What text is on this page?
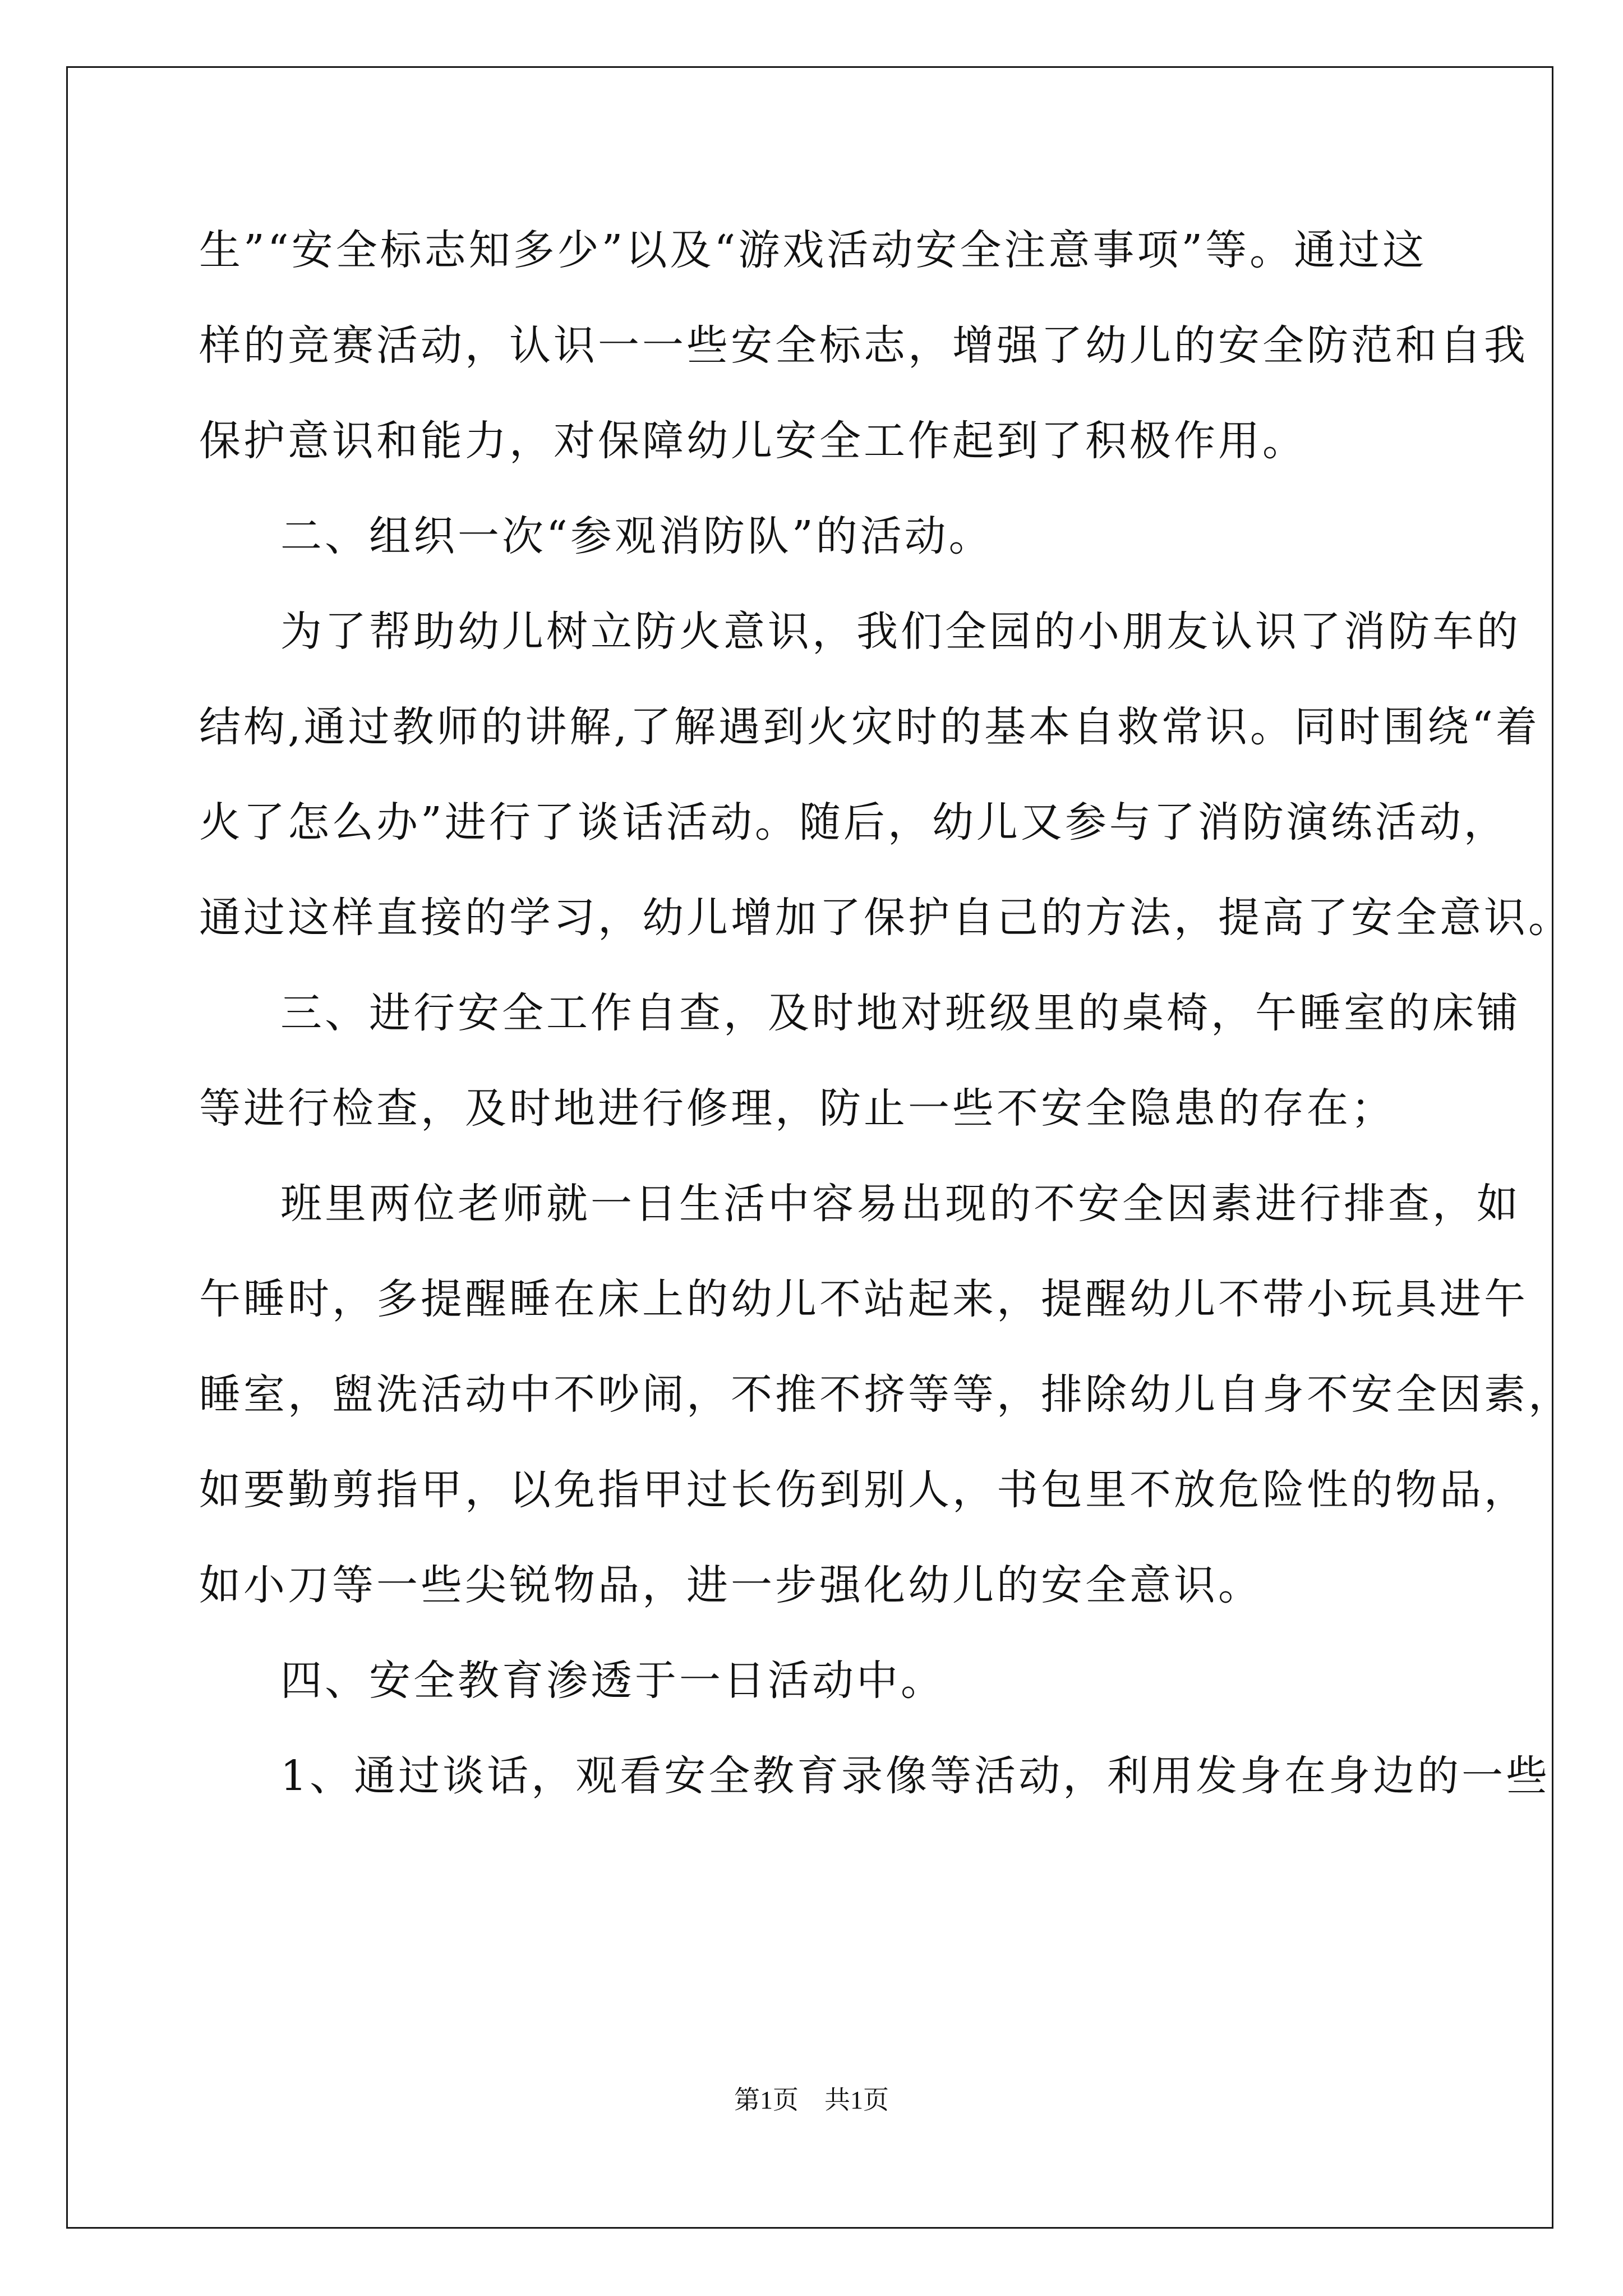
生”“安全标志知多少”以及“游戏活动安全注意事项”等。通过这
样的竞赛活动，认识一一些安全标志，增强了幼儿的安全防范和自我
保护意识和能力，对保障幼儿安全工作起到了积极作用。
二、组织一次“参观消防队”的活动。
为了帮助幼儿树立防火意识，我们全园的小朋友认识了消防车的
结构,通过教师的讲解,了解遇到火灾时的基本自救常识。同时围绕“着
火了怎么办”进行了谈话活动。随后，幼儿又参与了消防演练活动，
通过这样直接的学习，幼儿增加了保护自己的方法，提高了安全意识。
三、进行安全工作自查，及时地对班级里的桌椅，午睡室的床铺
等进行检查，及时地进行修理，防止一些不安全隐患的存在；
班里两位老师就一日生活中容易出现的不安全因素进行排查，如
午睡时，多提醒睡在床上的幼儿不站起来，提醒幼儿不带小玩具进午
睡室，盥洗活动中不吵闹，不推不挤等等，排除幼儿自身不安全因素，
如要勤剪指甲，以免指甲过长伤到别人，书包里不放危险性的物品，
如小刀等一些尖锐物品，进一步强化幼儿的安全意识。
四、安全教育渗透于一日活动中。
1、通过谈话，观看安全教育录像等活动，利用发身在身边的一些
第1页　共1页
